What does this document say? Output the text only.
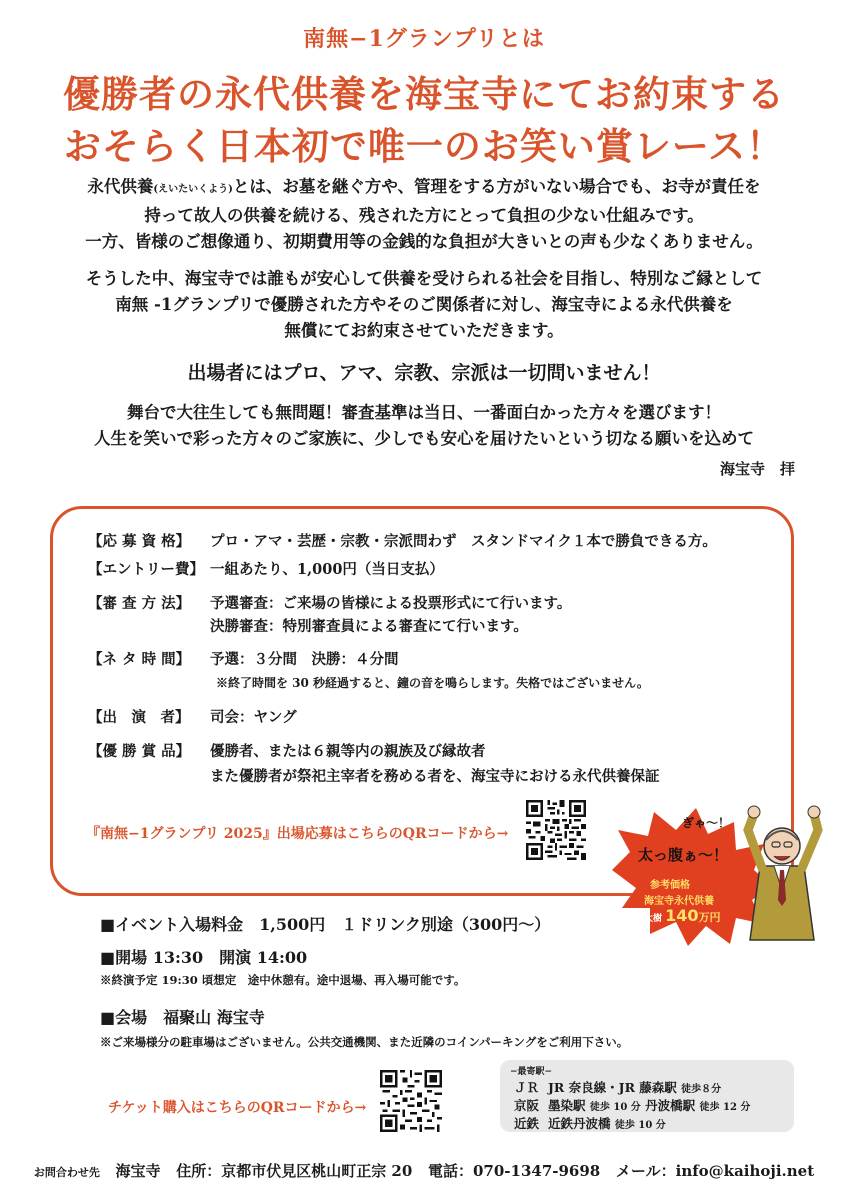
南無−1グランプリとは
優勝者の永代供養を海宝寺にてお約束する
おそらく日本初で唯一のお笑い賞レース！
永代供養(えいたいくよう)とは、お墓を継ぐ方や、管理をする方がいない場合でも、お寺が責任を
持って故人の供養を続ける、残された方にとって負担の少ない仕組みです。
一方、皆様のご想像通り、初期費用等の金銭的な負担が大きいとの声も少なくありません。
そうした中、海宝寺では誰もが安心して供養を受けられる社会を目指し、特別なご縁として
南無 -1グランプリで優勝された方やそのご関係者に対し、海宝寺による永代供養を
無償にてお約束させていただきます。
出場者にはプロ、アマ、宗教、宗派は一切問いません！
舞台で大往生しても無問題！審査基準は当日、一番面白かった方々を選びます！
人生を笑いで彩った方々のご家族に、少しでも安心を届けたいという切なる願いを込めて
海宝寺　拝
【応 募 資 格】 プロ・アマ・芸歴・宗教・宗派問わず　スタンドマイク１本で勝負できる方。
【エントリー費】 一組あたり、1,000円（当日支払）
【審 査 方 法】 予選審査：ご来場の皆様による投票形式にて行います。
決勝審査：特別審査員による審査にて行います。
【ネ タ 時 間】 予選：３分間　決勝：４分間
※終了時間を 30 秒経過すると、鐘の音を鳴らします。失格ではございません。
【出　演　者】 司会：ヤング
【優 勝 賞 品】 優勝者、または６親等内の親族及び縁故者
また優勝者が祭祀主宰者を務める者を、海宝寺における永代供養保証
『南無−1グランプリ 2025』出場応募はこちらのQRコードから→
ぎゃ〜！
太っ腹ぁ〜！
参考価格
海宝寺永代供養
大樹 140万円
■イベント入場料金　1,500円　１ドリンク別途（300円〜）
■開場 13:30　開演 14:00
※終演予定 19:30 頃想定　途中休憩有。途中退場、再入場可能です。
■会場　福聚山 海宝寺
※ご来場様分の駐車場はございません。公共交通機関、また近隣のコインパーキングをご利用下さい。
チケット購入はこちらのQRコードから→
−最寄駅−
ＪＲ JR 奈良線・JR 藤森駅 徒歩８分
京阪 墨染駅 徒歩 10 分 丹波橋駅 徒歩 12 分
近鉄 近鉄丹波橋 徒歩 10 分
お問合わせ先 海宝寺 住所：京都市伏見区桃山町正宗 20 電話：070-1347-9698 メール：info@kaihoji.net
